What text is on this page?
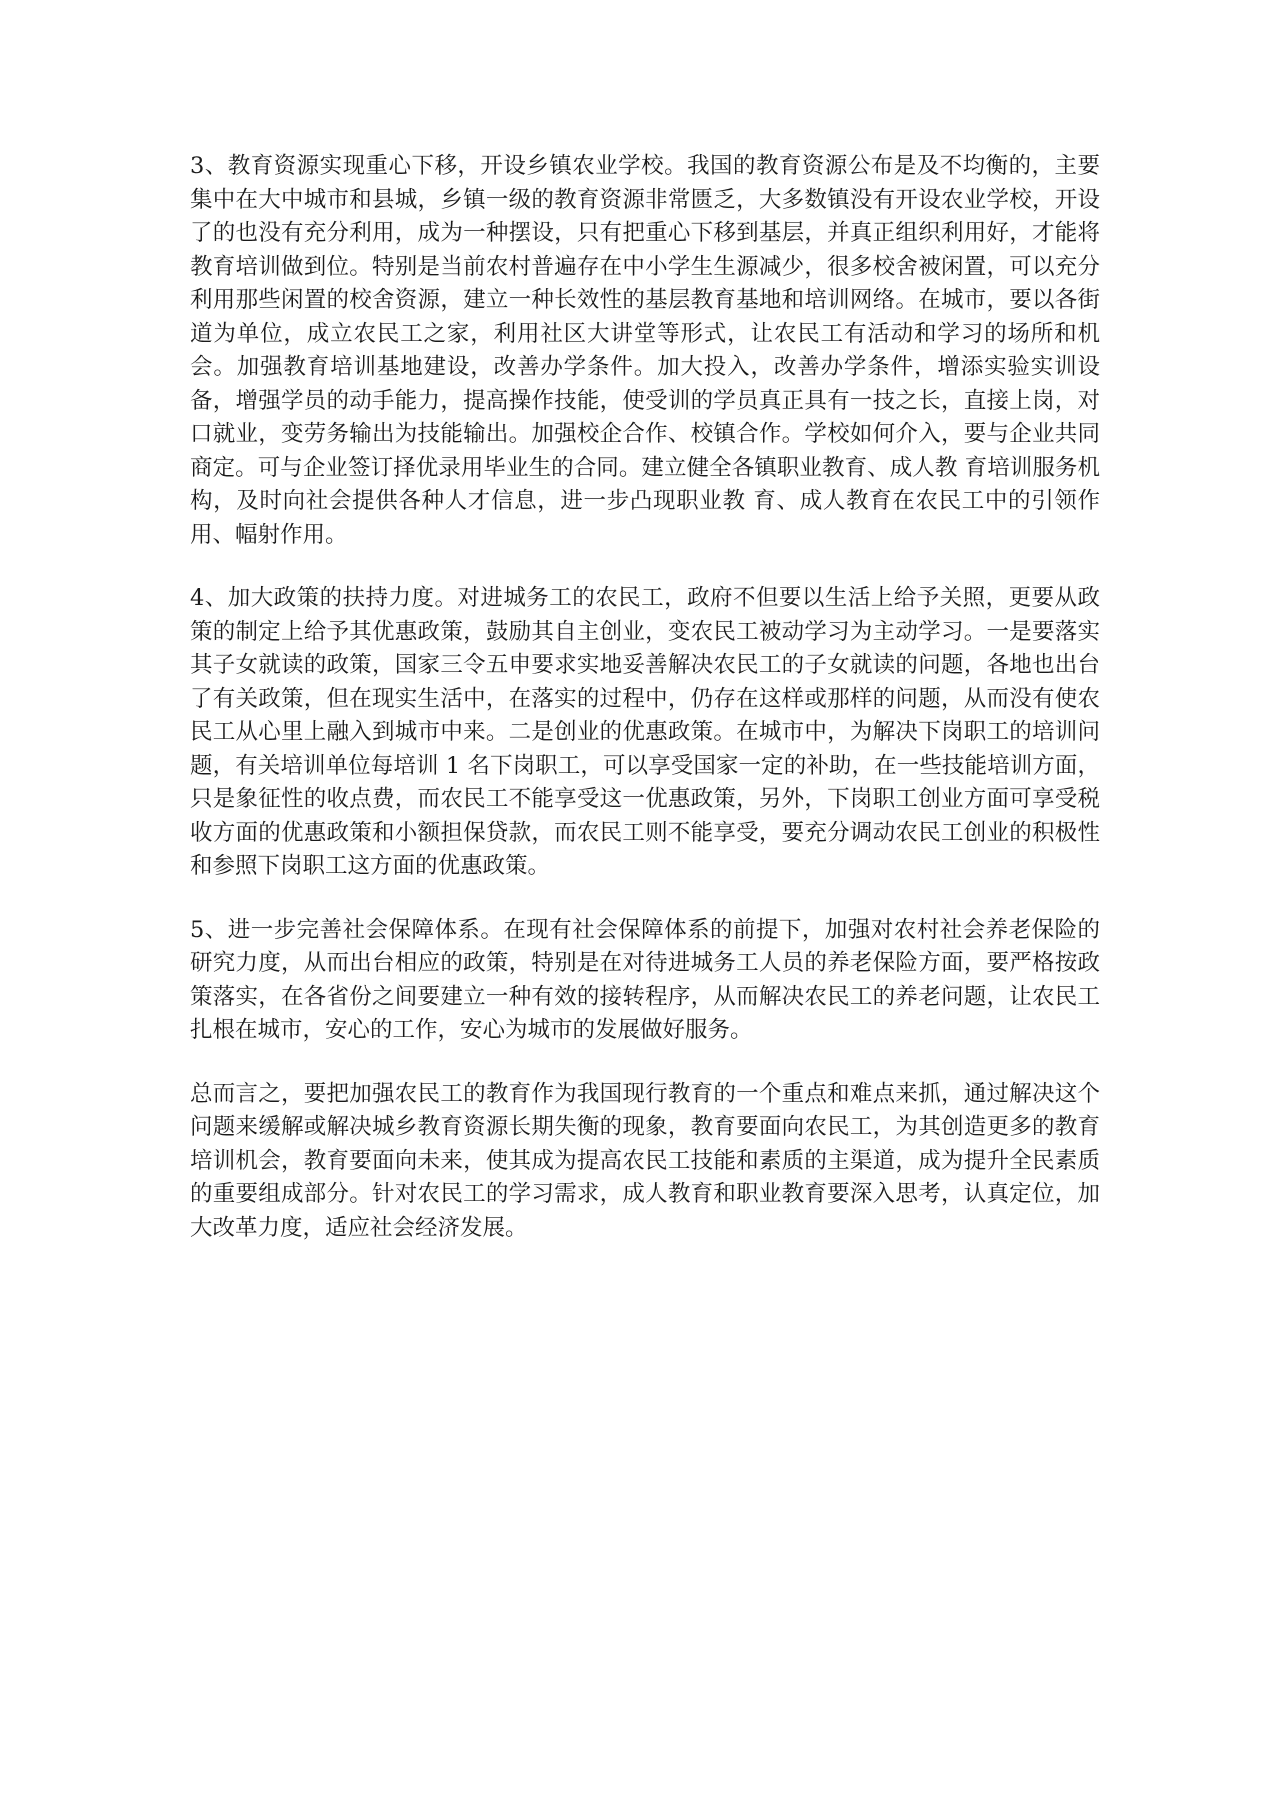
3、教育资源实现重心下移，开设乡镇农业学校。我国的教育资源公布是及不均衡的，主要集中在大中城市和县城，乡镇一级的教育资源非常匮乏，大多数镇没有开设农业学校，开设了的也没有充分利用，成为一种摆设，只有把重心下移到基层，并真正组织利用好，才能将教育培训做到位。特别是当前农村普遍存在中小学生生源减少，很多校舍被闲置，可以充分利用那些闲置的校舍资源，建立一种长效性的基层教育基地和培训网络。在城市，要以各街道为单位，成立农民工之家，利用社区大讲堂等形式，让农民工有活动和学习的场所和机会。加强教育培训基地建设，改善办学条件。加大投入，改善办学条件，增添实验实训设备，增强学员的动手能力，提高操作技能，使受训的学员真正具有一技之长，直接上岗，对口就业，变劳务输出为技能输出。加强校企合作、校镇合作。学校如何介入，要与企业共同商定。可与企业签订择优录用毕业生的合同。建立健全各镇职业教育、成人教 育培训服务机构，及时向社会提供各种人才信息，进一步凸现职业教 育、成人教育在农民工中的引领作用、幅射作用。

4、加大政策的扶持力度。对进城务工的农民工，政府不但要以生活上给予关照，更要从政策的制定上给予其优惠政策，鼓励其自主创业，变农民工被动学习为主动学习。一是要落实其子女就读的政策，国家三令五申要求实地妥善解决农民工的子女就读的问题，各地也出台了有关政策，但在现实生活中，在落实的过程中，仍存在这样或那样的问题，从而没有使农民工从心里上融入到城市中来。二是创业的优惠政策。在城市中，为解决下岗职工的培训问题，有关培训单位每培训 1 名下岗职工，可以享受国家一定的补助，在一些技能培训方面，只是象征性的收点费，而农民工不能享受这一优惠政策，另外，下岗职工创业方面可享受税收方面的优惠政策和小额担保贷款，而农民工则不能享受，要充分调动农民工创业的积极性和参照下岗职工这方面的优惠政策。

5、进一步完善社会保障体系。在现有社会保障体系的前提下，加强对农村社会养老保险的研究力度，从而出台相应的政策，特别是在对待进城务工人员的养老保险方面，要严格按政策落实，在各省份之间要建立一种有效的接转程序，从而解决农民工的养老问题，让农民工扎根在城市，安心的工作，安心为城市的发展做好服务。

总而言之，要把加强农民工的教育作为我国现行教育的一个重点和难点来抓，通过解决这个问题来缓解或解决城乡教育资源长期失衡的现象，教育要面向农民工，为其创造更多的教育培训机会，教育要面向未来，使其成为提高农民工技能和素质的主渠道，成为提升全民素质的重要组成部分。针对农民工的学习需求，成人教育和职业教育要深入思考，认真定位，加大改革力度，适应社会经济发展。
